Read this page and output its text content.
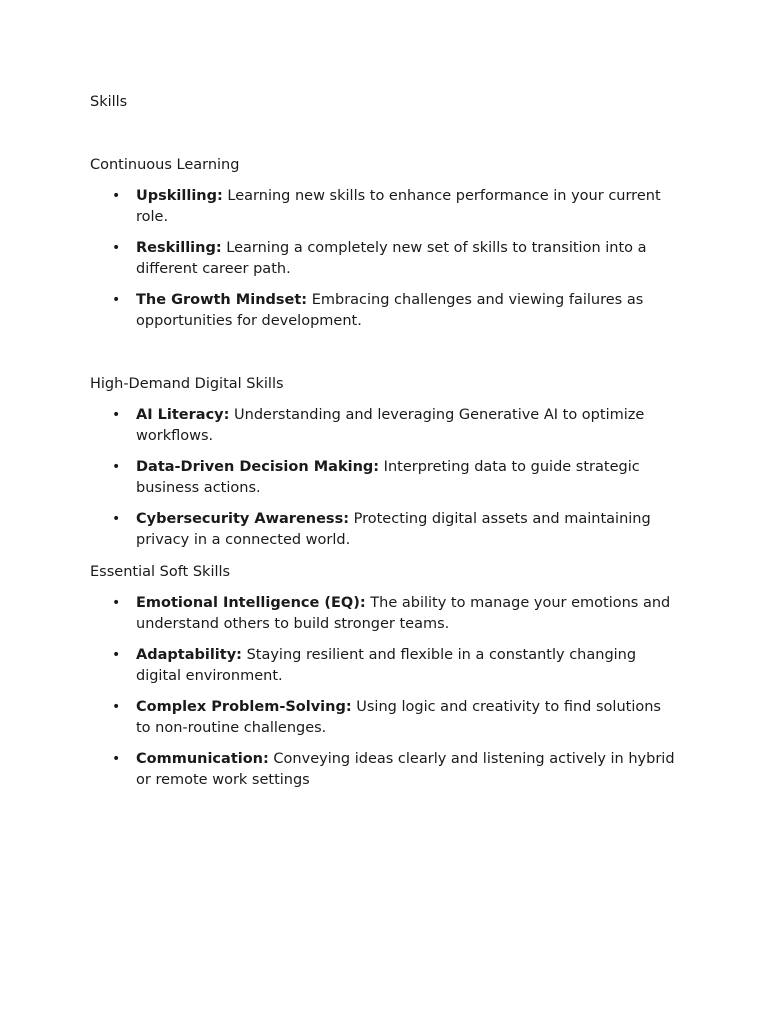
Skills

Continuous Learning

• Upskilling: Learning new skills to enhance performance in your current role.
• Reskilling: Learning a completely new set of skills to transition into a different career path.
• The Growth Mindset: Embracing challenges and viewing failures as opportunities for development.

High-Demand Digital Skills

• AI Literacy: Understanding and leveraging Generative AI to optimize workflows.
• Data-Driven Decision Making: Interpreting data to guide strategic business actions.
• Cybersecurity Awareness: Protecting digital assets and maintaining privacy in a connected world.

Essential Soft Skills

• Emotional Intelligence (EQ): The ability to manage your emotions and understand others to build stronger teams.
• Adaptability: Staying resilient and flexible in a constantly changing digital environment.
• Complex Problem-Solving: Using logic and creativity to find solutions to non-routine challenges.
• Communication: Conveying ideas clearly and listening actively in hybrid or remote work settings
